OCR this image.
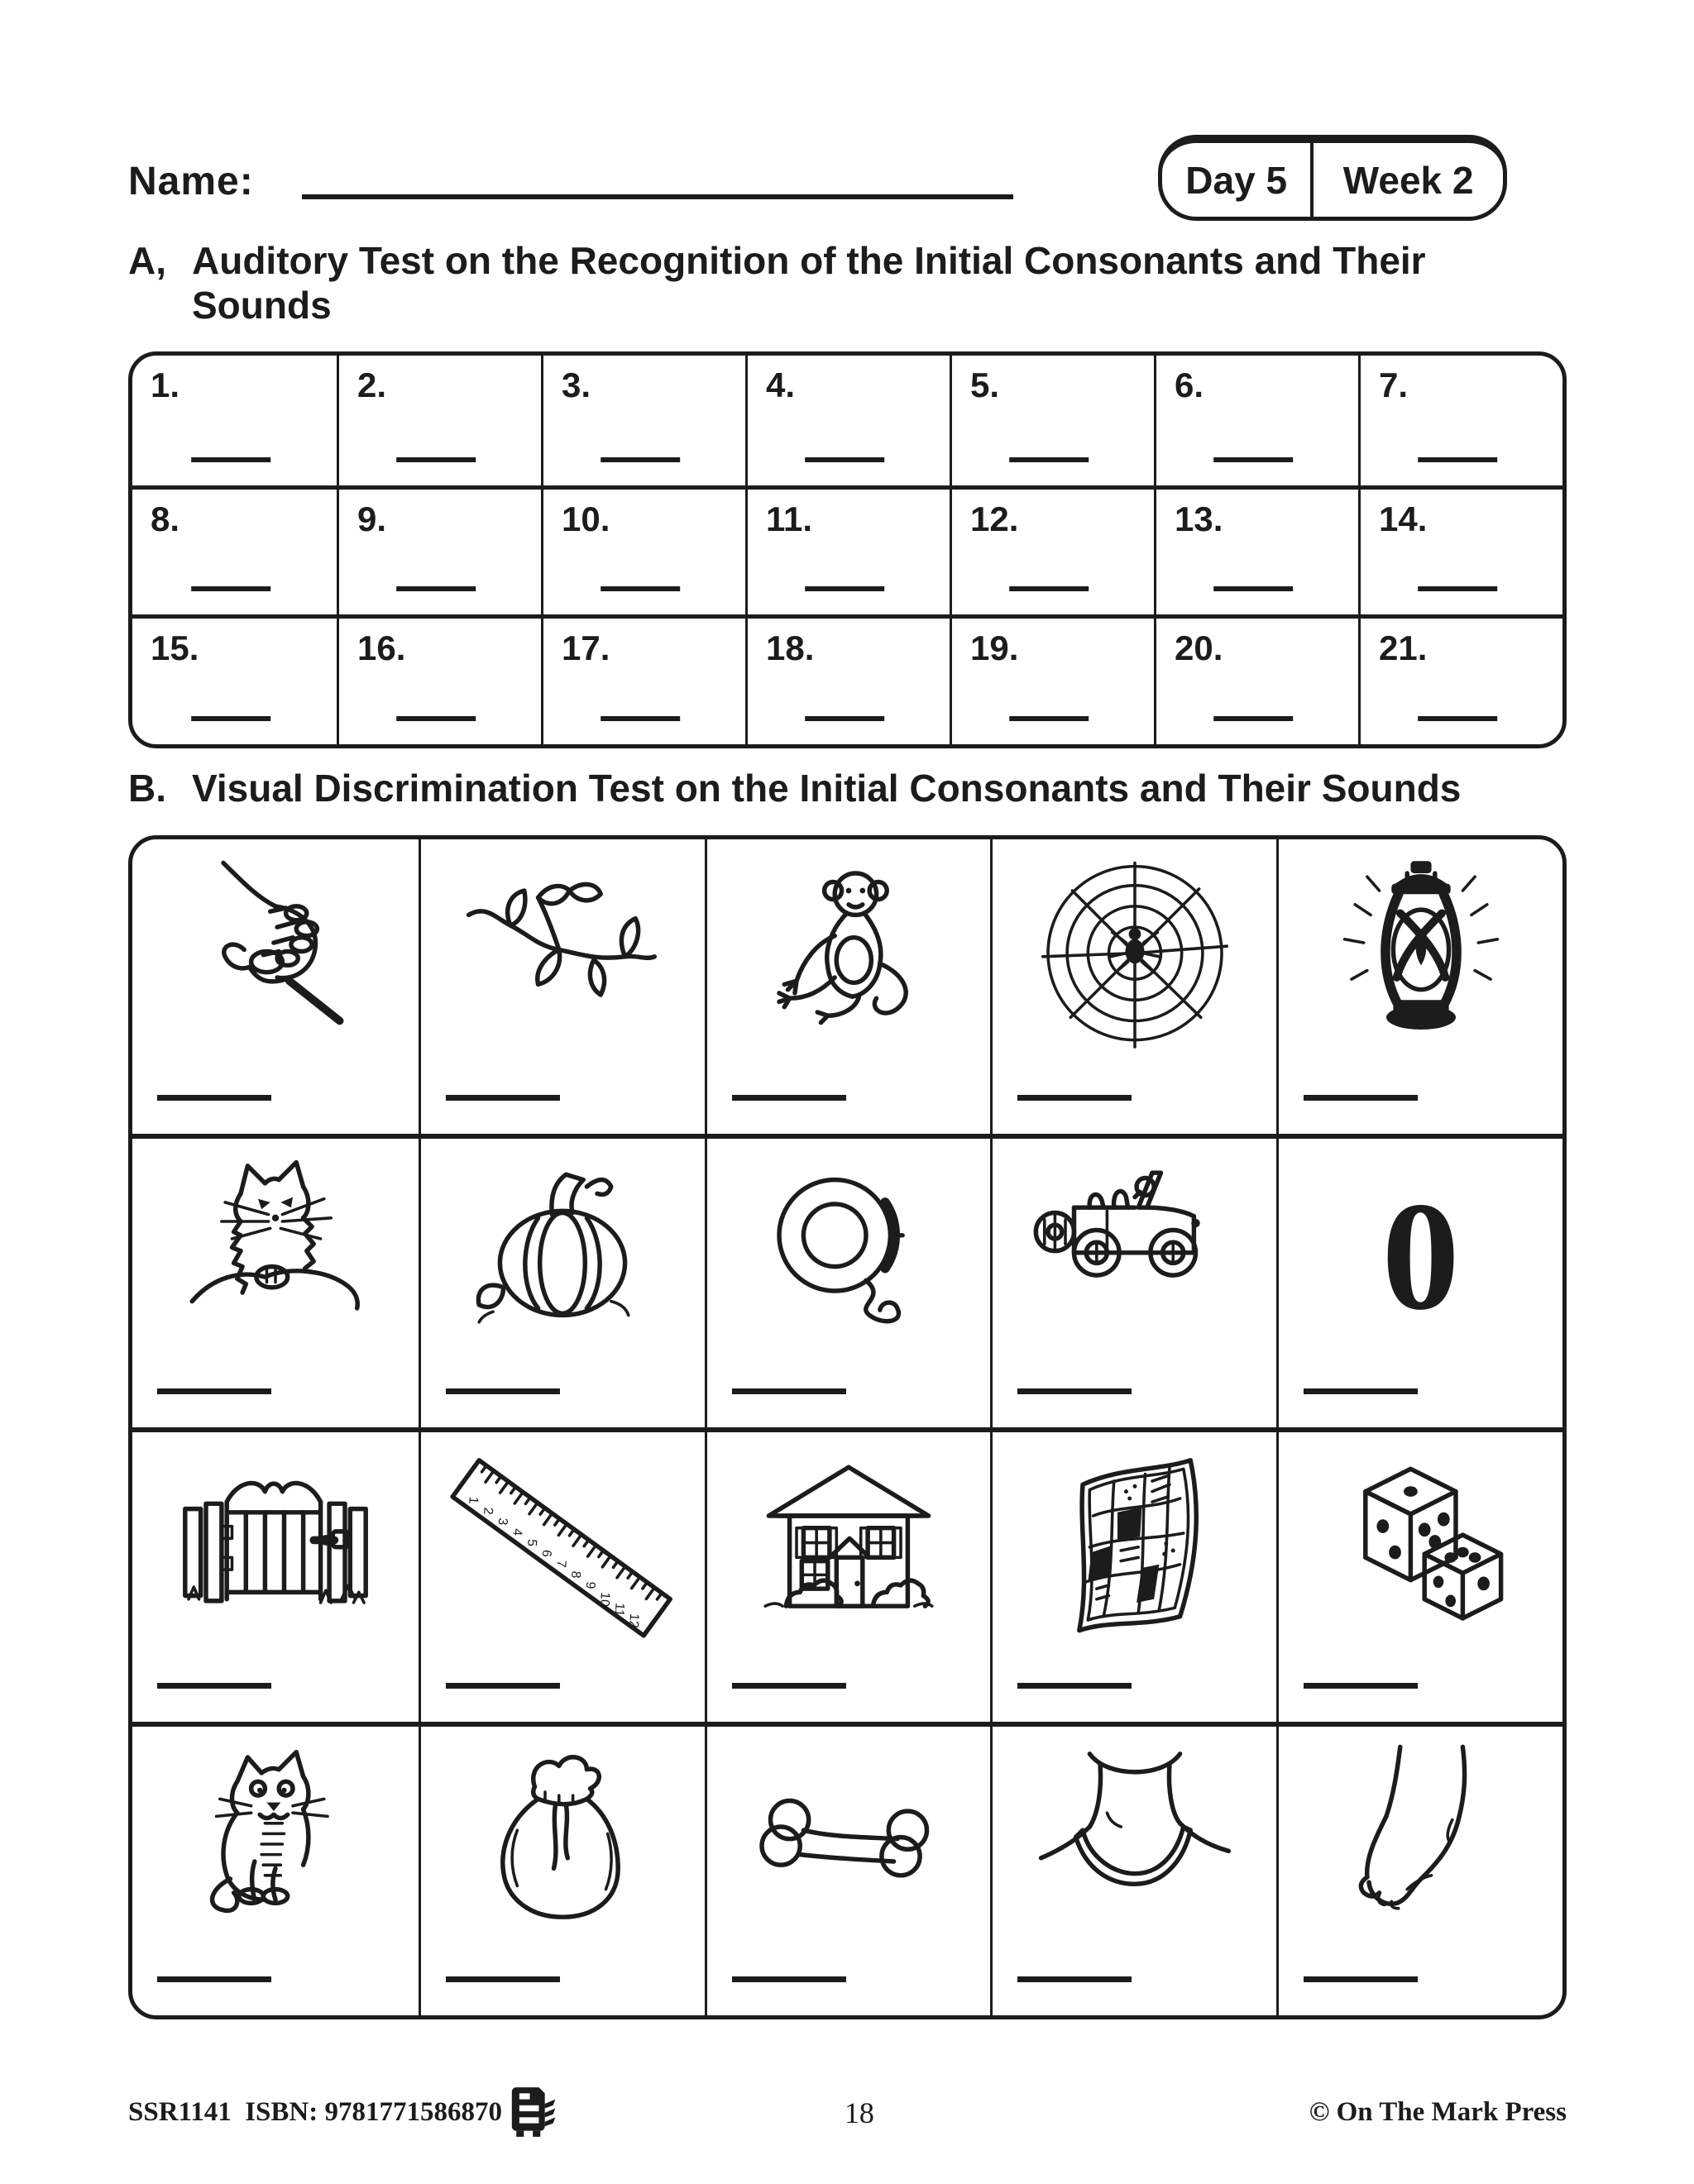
Name:	Day 5	Week 2
A, Auditory Test on the Recognition of the Initial Consonants and Their Sounds
1.	2.	3.	4.	5.	6.	7.
8.	9.	10.	11.	12.	13.	14.
15.	16.	17.	18.	19.	20.	21.
B. Visual Discrimination Test on the Initial Consonants and Their Sounds
0
1
2
3
4
5
6
7
8
9
10
11
12
SSR1141 ISBN: 9781771586870	18	© On The Mark Press
